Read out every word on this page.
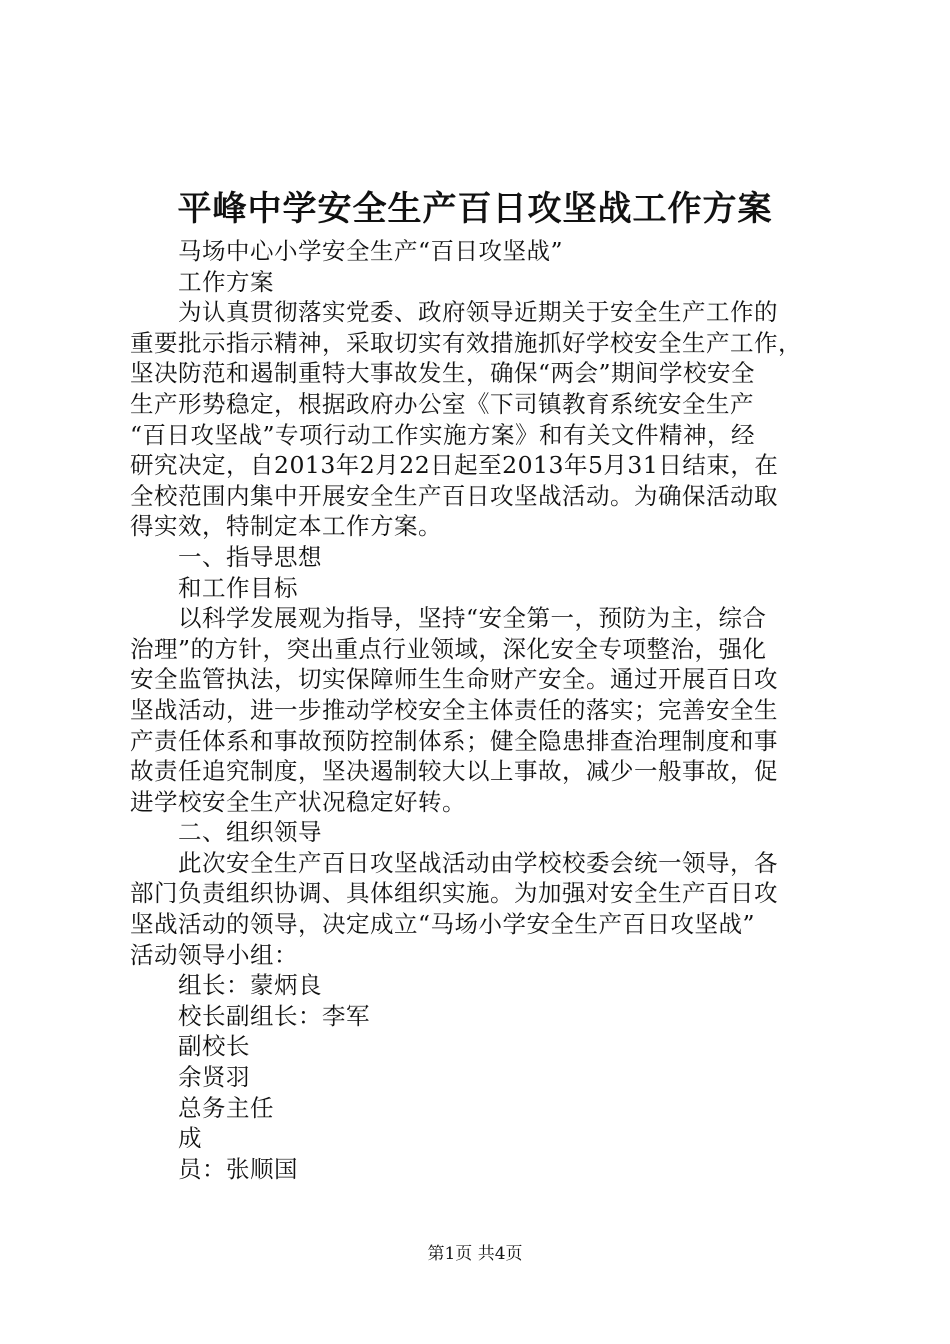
平峰中学安全生产百日攻坚战工作方案
马场中心小学安全生产“百日攻坚战”
工作方案
为认真贯彻落实党委、政府领导近期关于安全生产工作的
重要批示指示精神，采取切实有效措施抓好学校安全生产工作，
坚决防范和遏制重特大事故发生，确保“两会”期间学校安全
生产形势稳定，根据政府办公室《下司镇教育系统安全生产
“百日攻坚战”专项行动工作实施方案》和有关文件精神，经
研究决定，自2013年2月22日起至2013年5月31日结束，在
全校范围内集中开展安全生产百日攻坚战活动。为确保活动取
得实效，特制定本工作方案。
一、指导思想
和工作目标
以科学发展观为指导，坚持“安全第一，预防为主，综合
治理”的方针，突出重点行业领域，深化安全专项整治，强化
安全监管执法，切实保障师生生命财产安全。通过开展百日攻
坚战活动，进一步推动学校安全主体责任的落实；完善安全生
产责任体系和事故预防控制体系；健全隐患排查治理制度和事
故责任追究制度，坚决遏制较大以上事故，减少一般事故，促
进学校安全生产状况稳定好转。
二、组织领导
此次安全生产百日攻坚战活动由学校校委会统一领导，各
部门负责组织协调、具体组织实施。为加强对安全生产百日攻
坚战活动的领导，决定成立“马场小学安全生产百日攻坚战”
活动领导小组：
组长：蒙炳良
校长副组长：李军
副校长
余贤羽
总务主任
成
员：张顺国
第1页 共4页
